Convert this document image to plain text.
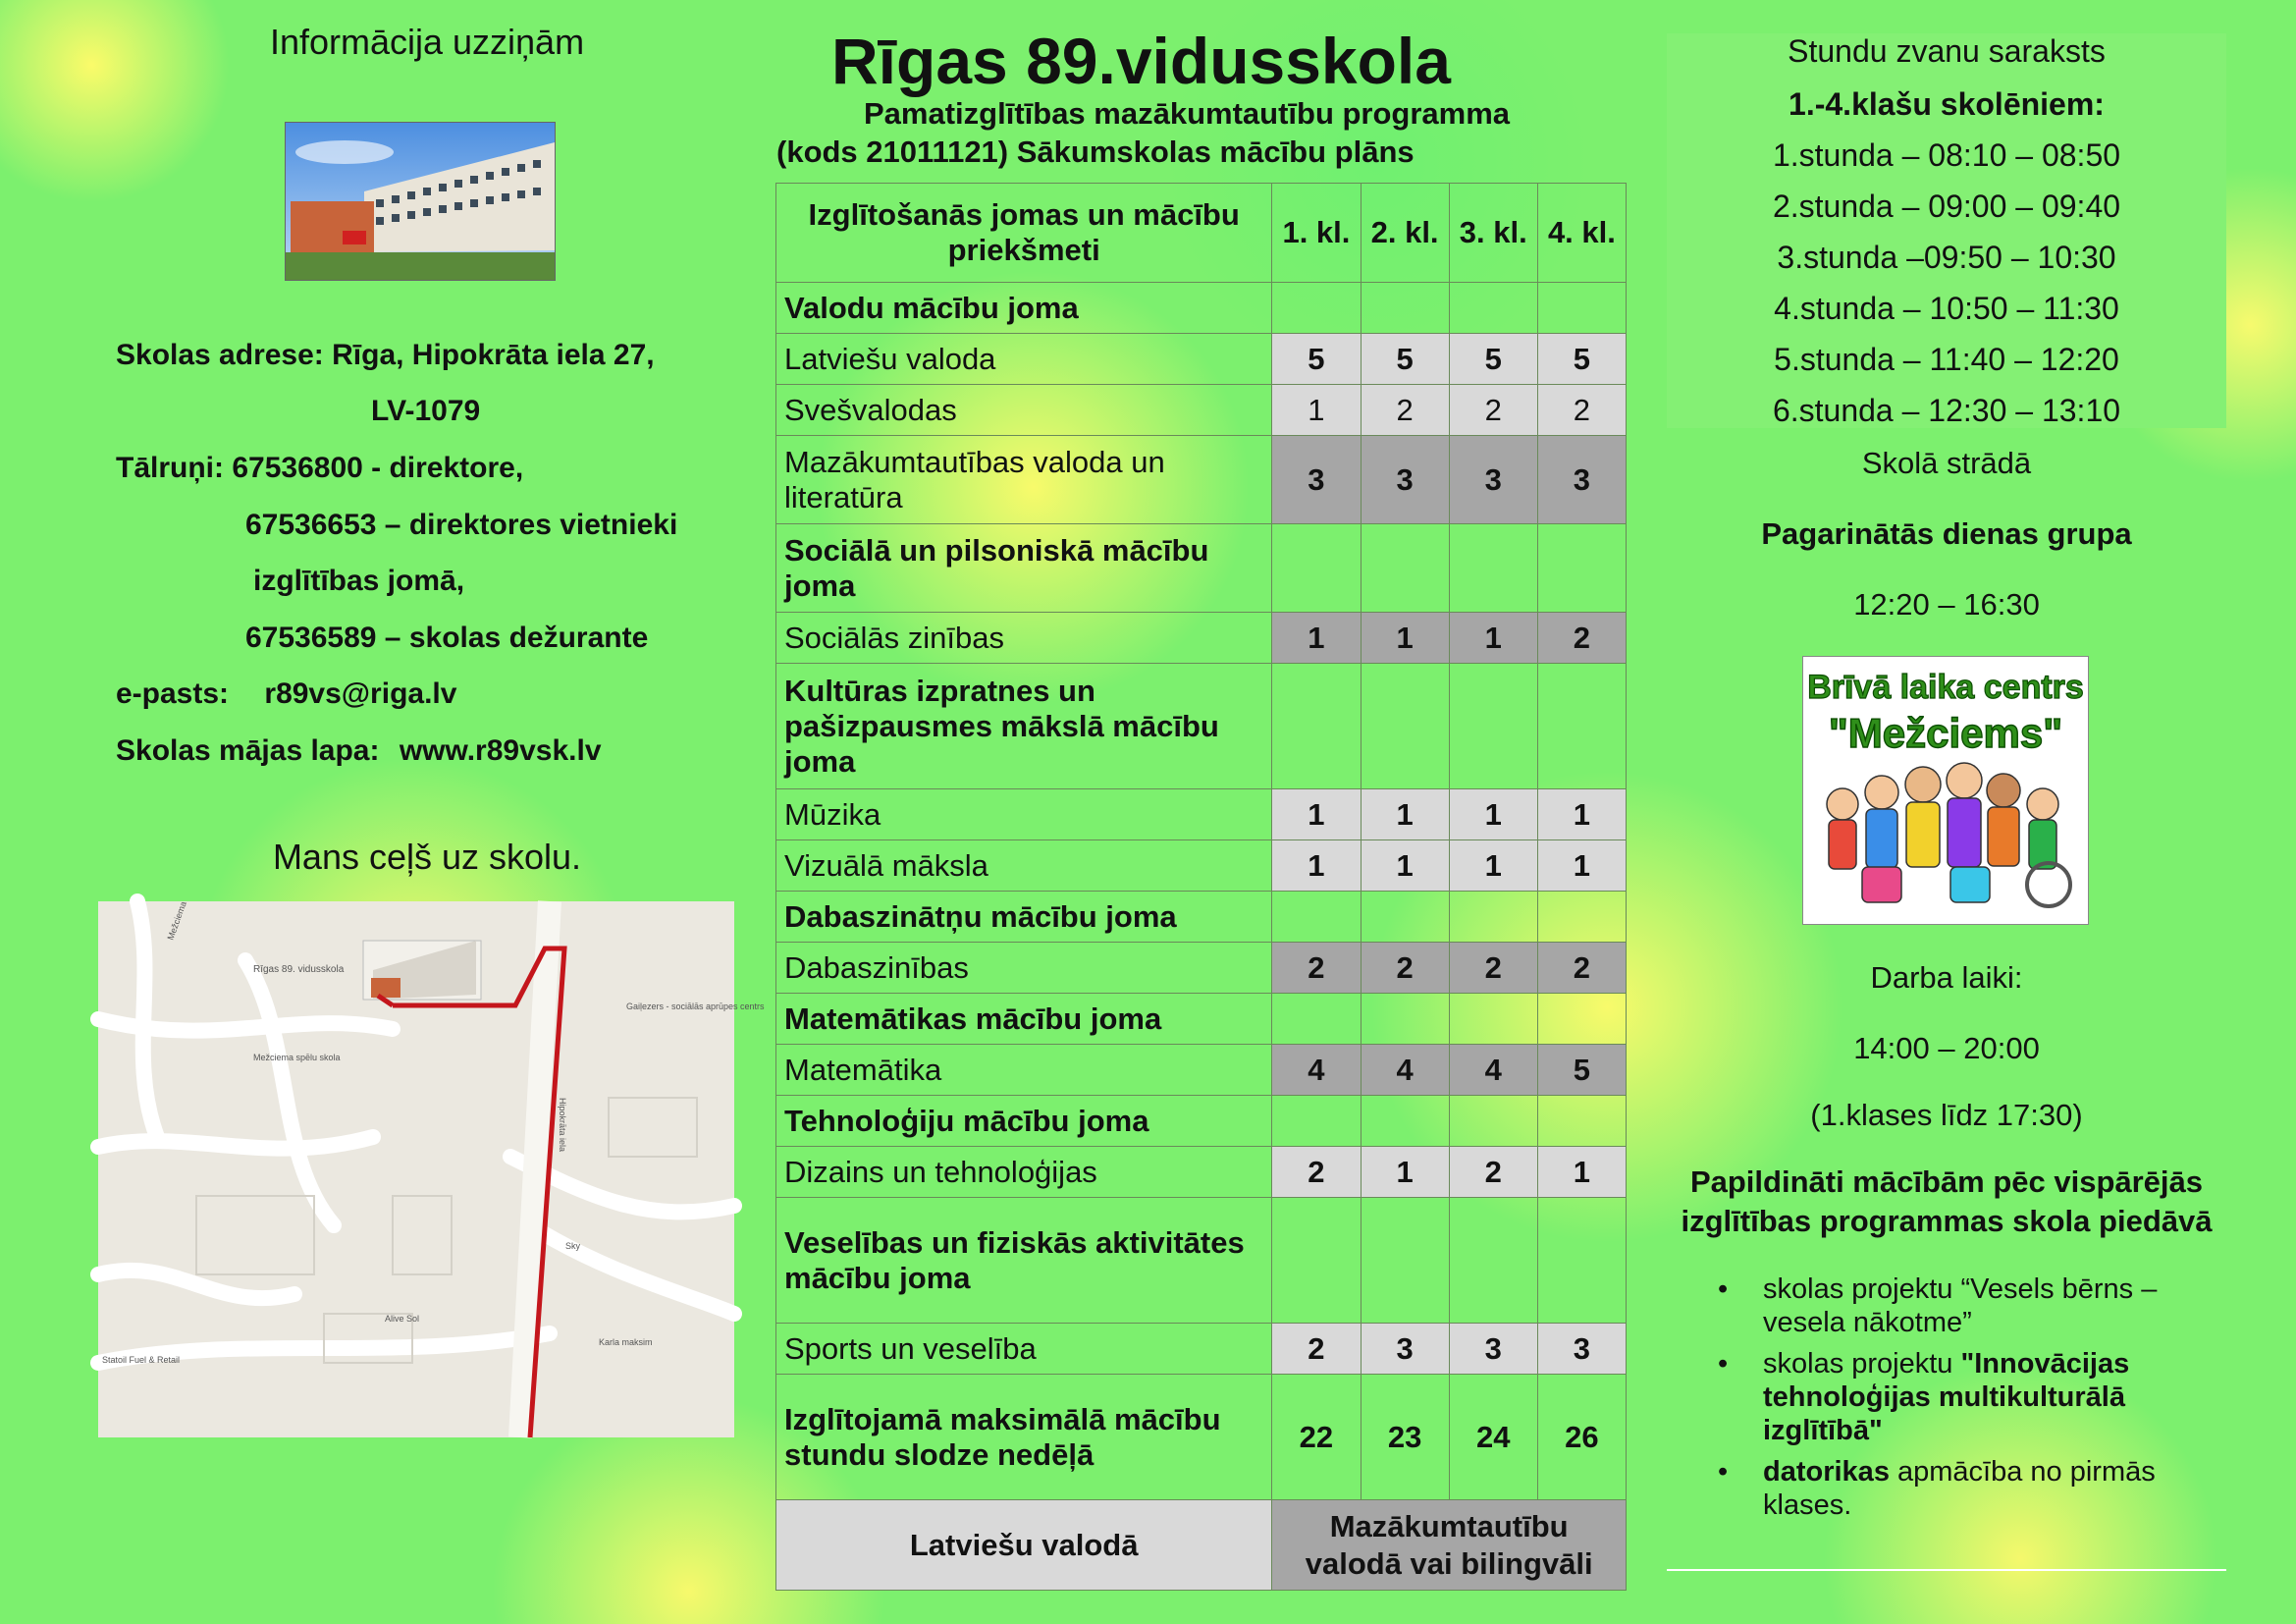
Informācija uzziņām
Skolas adrese: Rīga, Hipokrāta iela 27,
LV-1079
Tālruņi: 67536800 - direktore,
67536653 – direktores vietnieki
izglītības jomā,
67536589 – skolas dežurante
e-pasts: r89vs@riga.lv
Skolas mājas lapa: www.r89vsk.lv
Mans ceļš uz skolu.
Rīgas 89. vidusskola
Gaiļezers - sociālās aprūpes centrs
Mežciema spēlu skola
Hipokrāta iela
Sky
Statoil Fuel & Retail
Alive Sol
Karla maksim
Mežciema
Rīgas 89.vidusskola
Pamatizglītības mazākumtautību programma
(kods 21011121) Sākumskolas mācību plāns
Izglītošanās jomas un mācību priekšmeti	1. kl.	2. kl.	3. kl.	4. kl.
Valodu mācību joma				
Latviešu valoda	5	5	5	5
Svešvalodas	1	2	2	2
Mazākumtautības valoda un literatūra	3	3	3	3
Sociālā un pilsoniskā mācību joma				
Sociālās zinības	1	1	1	2
Kultūras izpratnes un pašizpausmes mākslā mācību joma				
Mūzika	1	1	1	1
Vizuālā māksla	1	1	1	1
Dabaszinātņu mācību joma				
Dabaszinības	2	2	2	2
Matemātikas mācību joma				
Matemātika	4	4	4	5
Tehnoloģiju mācību joma				
Dizains un tehnoloģijas	2	1	2	1
Veselības un fiziskās aktivitātes mācību joma				
Sports un veselība	2	3	3	3
Izglītojamā maksimālā mācību stundu slodze nedēļā	22	23	24	26
Latviešu valodā	Mazākumtautību valodā vai bilingvāli			
Stundu zvanu saraksts
1.-4.klašu skolēniem:
1.stunda – 08:10 – 08:50
2.stunda – 09:00 – 09:40
3.stunda –09:50 – 10:30
4.stunda – 10:50 – 11:30
5.stunda – 11:40 – 12:20
6.stunda – 12:30 – 13:10
Skolā strādā
Pagarinātās dienas grupa
12:20 – 16:30
Brīvā laika centrs
"Mežciems"
Darba laiki:
14:00 – 20:00
(1.klases līdz 17:30)
Papildināti mācībām pēc vispārējās
izglītības programmas skola piedāvā
• skolas projektu “Vesels bērns – vesela nākotme”
• skolas projektu "Innovācijas tehnoloģijas multikulturālā izglītībā"
• datorikas apmācība no pirmās klases.
